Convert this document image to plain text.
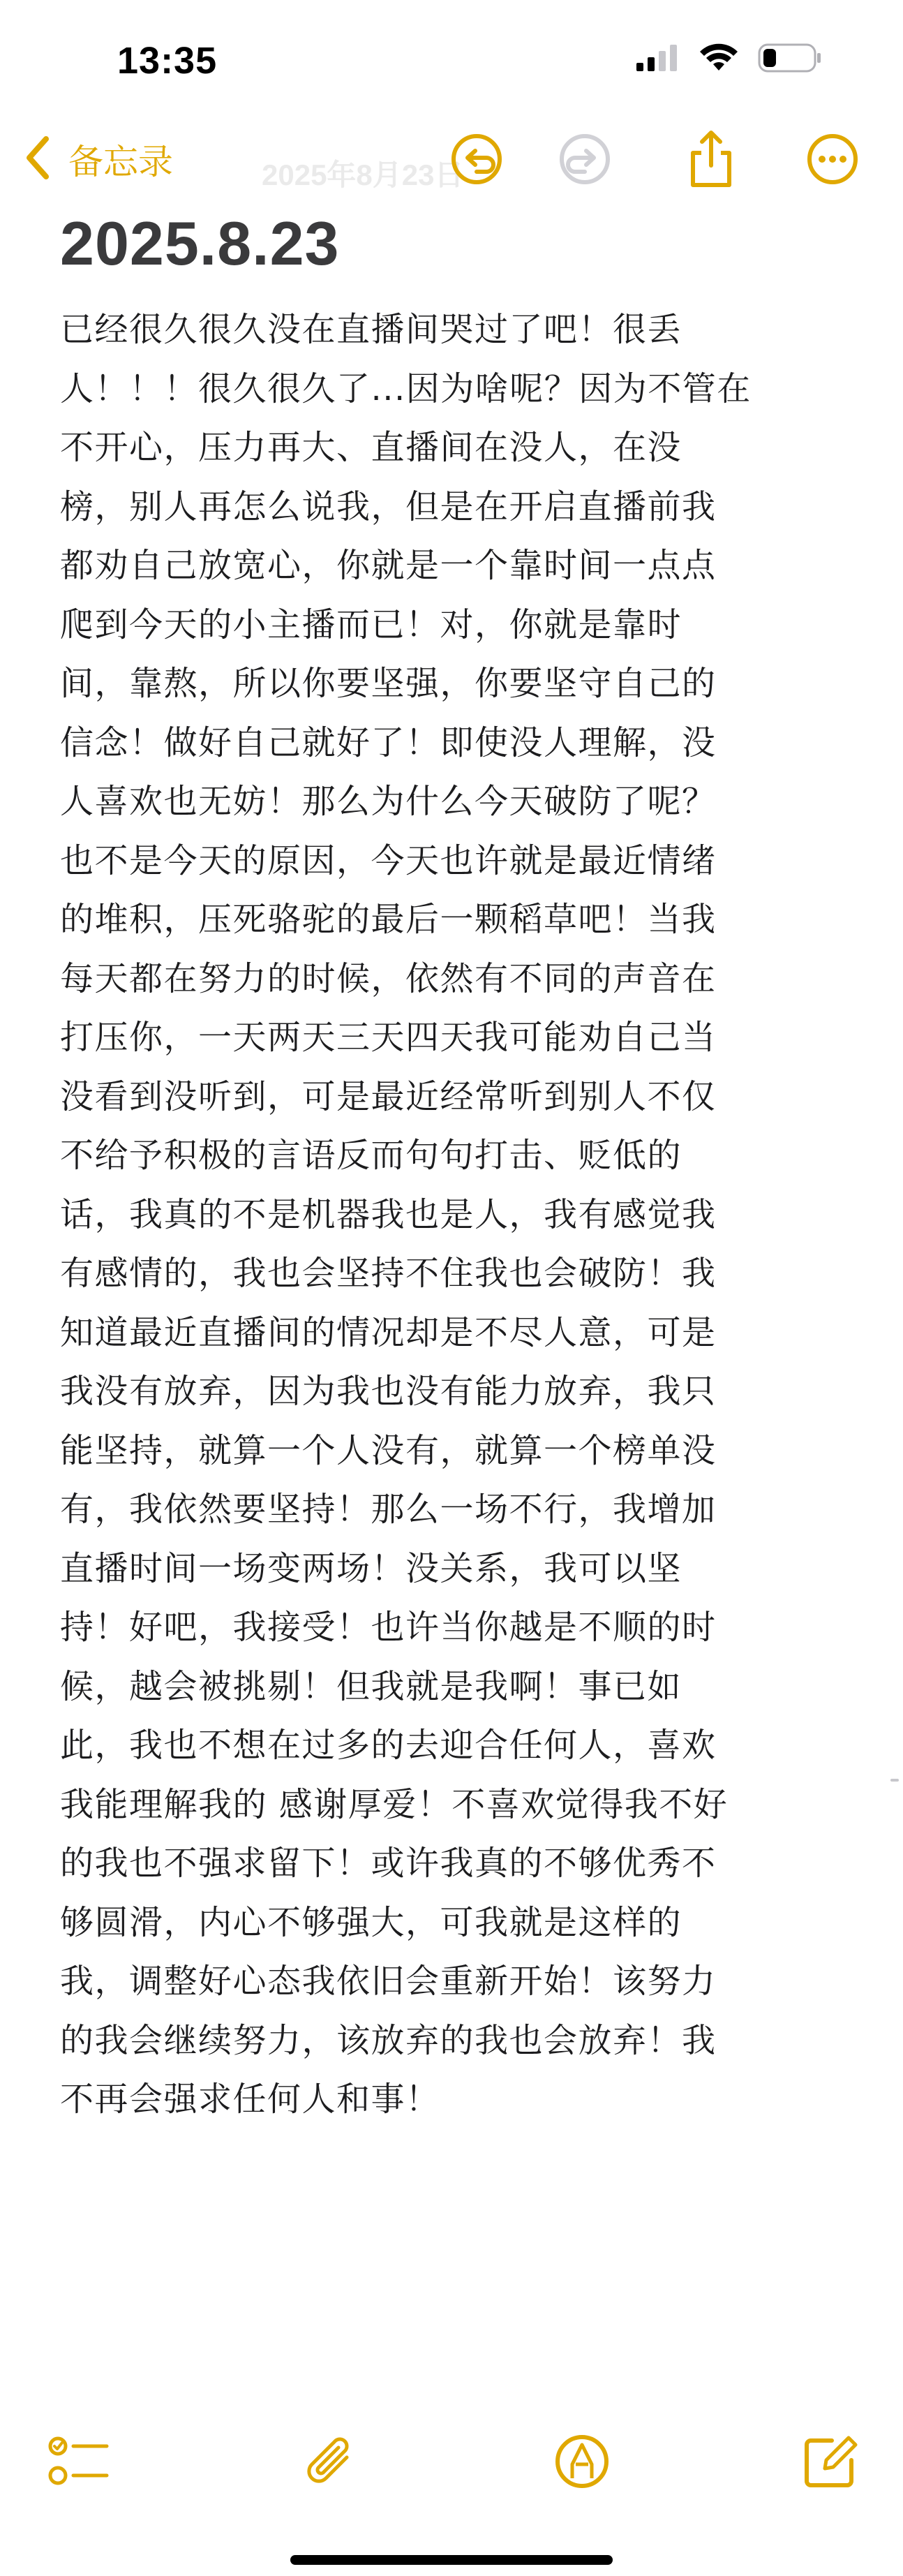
13:35
2025年8月23日
备忘录
2025.8.23
已经很久很久没在直播间哭过了吧！很丢
人！！！很久很久了...因为啥呢？因为不管在
不开心，压力再大、直播间在没人，在没
榜，别人再怎么说我，但是在开启直播前我
都劝自己放宽心，你就是一个靠时间一点点
爬到今天的小主播而已！对，你就是靠时
间，靠熬，所以你要坚强，你要坚守自己的
信念！做好自己就好了！即使没人理解，没
人喜欢也无妨！那么为什么今天破防了呢？
也不是今天的原因，今天也许就是最近情绪
的堆积，压死骆驼的最后一颗稻草吧！当我
每天都在努力的时候，依然有不同的声音在
打压你，一天两天三天四天我可能劝自己当
没看到没听到，可是最近经常听到别人不仅
不给予积极的言语反而句句打击、贬低的
话，我真的不是机器我也是人，我有感觉我
有感情的，我也会坚持不住我也会破防！我
知道最近直播间的情况却是不尽人意，可是
我没有放弃，因为我也没有能力放弃，我只
能坚持，就算一个人没有，就算一个榜单没
有，我依然要坚持！那么一场不行，我增加
直播时间一场变两场！没关系，我可以坚
持！好吧，我接受！也许当你越是不顺的时
候，越会被挑剔！但我就是我啊！事已如
此，我也不想在过多的去迎合任何人，喜欢
我能理解我的 感谢厚爱！不喜欢觉得我不好
的我也不强求留下！或许我真的不够优秀不
够圆滑，内心不够强大，可我就是这样的
我，调整好心态我依旧会重新开始！该努力
的我会继续努力，该放弃的我也会放弃！我
不再会强求任何人和事！
